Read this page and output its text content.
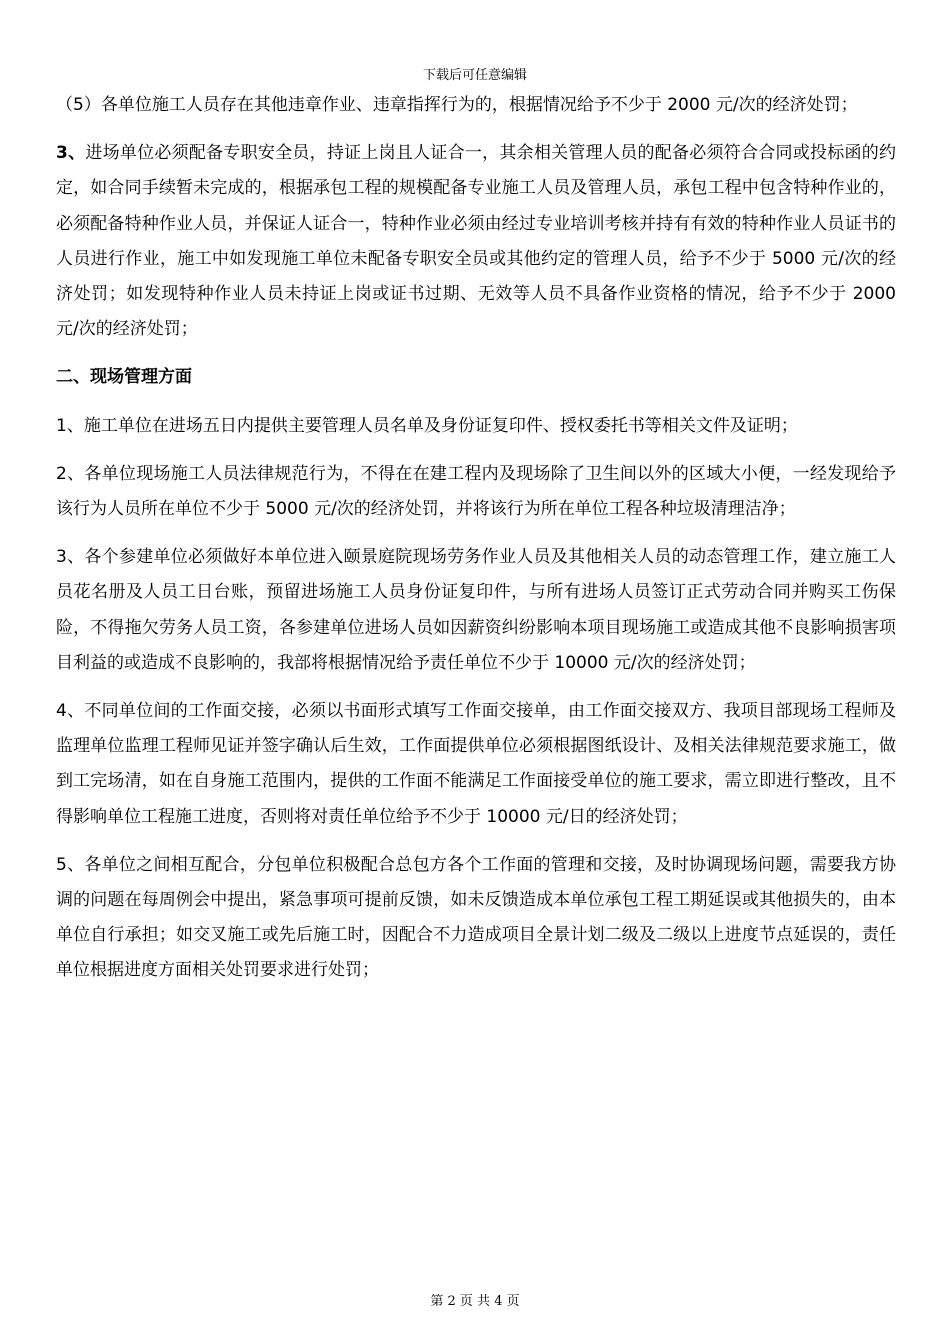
下载后可任意编辑

（5）各单位施工人员存在其他违章作业、违章指挥行为的，根据情况给予不少于 2000 元/次的经济处罚；

3、进场单位必须配备专职安全员，持证上岗且人证合一，其余相关管理人员的配备必须符合合同或投标函的约定，如合同手续暂未完成的，根据承包工程的规模配备专业施工人员及管理人员，承包工程中包含特种作业的，必须配备特种作业人员，并保证人证合一，特种作业必须由经过专业培训考核并持有有效的特种作业人员证书的人员进行作业，施工中如发现施工单位未配备专职安全员或其他约定的管理人员，给予不少于 5000 元/次的经济处罚；如发现特种作业人员未持证上岗或证书过期、无效等人员不具备作业资格的情况，给予不少于 2000 元/次的经济处罚；

二、现场管理方面

1、施工单位在进场五日内提供主要管理人员名单及身份证复印件、授权委托书等相关文件及证明；

2、各单位现场施工人员法律规范行为，不得在在建工程内及现场除了卫生间以外的区域大小便，一经发现给予该行为人员所在单位不少于 5000 元/次的经济处罚，并将该行为所在单位工程各种垃圾清理洁净；

3、各个参建单位必须做好本单位进入颐景庭院现场劳务作业人员及其他相关人员的动态管理工作，建立施工人员花名册及人员工日台账，预留进场施工人员身份证复印件，与所有进场人员签订正式劳动合同并购买工伤保险，不得拖欠劳务人员工资，各参建单位进场人员如因薪资纠纷影响本项目现场施工或造成其他不良影响损害项目利益的或造成不良影响的，我部将根据情况给予责任单位不少于 10000 元/次的经济处罚；

4、不同单位间的工作面交接，必须以书面形式填写工作面交接单，由工作面交接双方、我项目部现场工程师及监理单位监理工程师见证并签字确认后生效，工作面提供单位必须根据图纸设计、及相关法律规范要求施工，做到工完场清，如在自身施工范围内，提供的工作面不能满足工作面接受单位的施工要求，需立即进行整改，且不得影响单位工程施工进度，否则将对责任单位给予不少于 10000 元/日的经济处罚；

5、各单位之间相互配合，分包单位积极配合总包方各个工作面的管理和交接，及时协调现场问题，需要我方协调的问题在每周例会中提出，紧急事项可提前反馈，如未反馈造成本单位承包工程工期延误或其他损失的，由本单位自行承担；如交叉施工或先后施工时，因配合不力造成项目全景计划二级及二级以上进度节点延误的，责任单位根据进度方面相关处罚要求进行处罚；

第 2 页 共 4 页
